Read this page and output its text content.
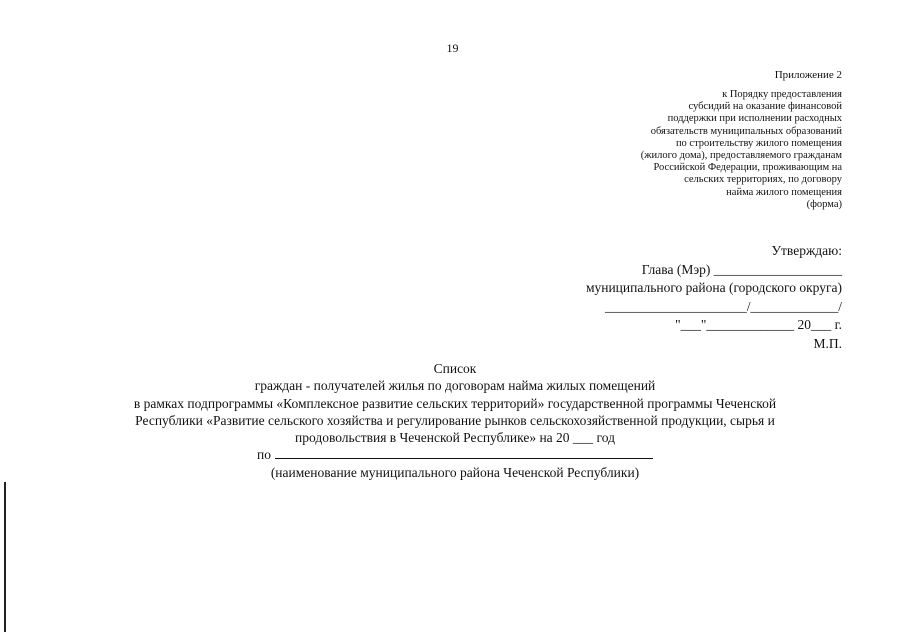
19
Приложение 2
к Порядку предоставления
субсидий на оказание финансовой
поддержки при исполнении расходных
обязательств муниципальных образований
по строительству жилого помещения
(жилого дома), предоставляемого гражданам
Российской Федерации, проживающим на
сельских территориях, по договору
найма жилого помещения
(форма)
Утверждаю:
Глава (Мэр) ___________________
муниципального района (городского округа)
_____________________/_____________/
"___"_____________ 20___ г.
М.П.
Список
граждан - получателей жилья по договорам найма жилых помещений
в рамках подпрограммы «Комплексное развитие сельских территорий» государственной программы Чеченской
Республики «Развитие сельского хозяйства и регулирование рынков сельскохозяйственной продукции, сырья и
продовольствия в Чеченской Республике» на 20 ___ год
по
(наименование муниципального района Чеченской Республики)
